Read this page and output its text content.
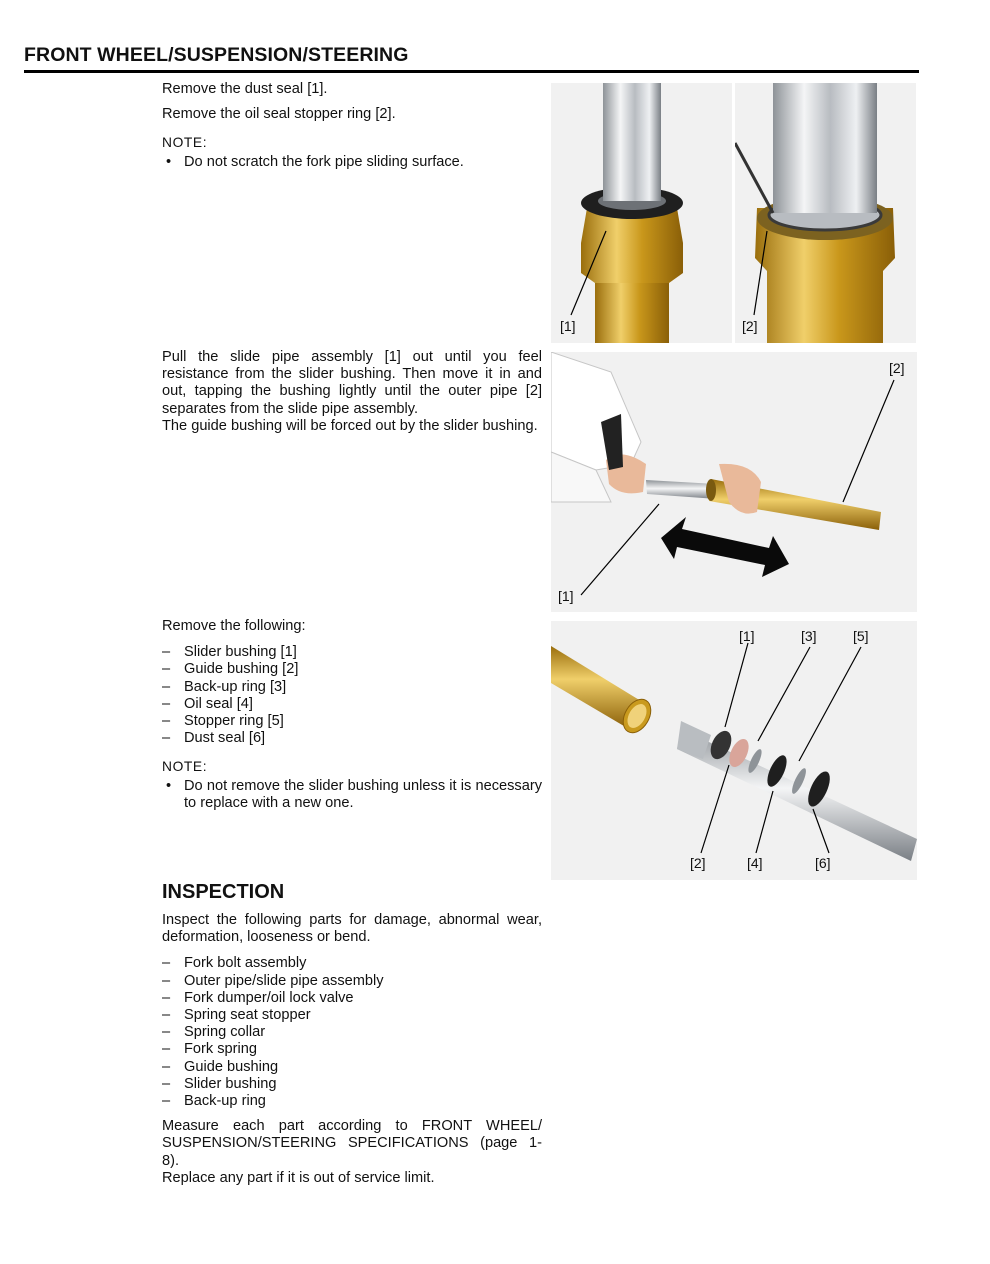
FRONT WHEEL/SUSPENSION/STEERING

Remove the dust seal [1].

Remove the oil seal stopper ring [2].

NOTE:

• Do not scratch the fork pipe sliding surface.

[1]	[2]

Pull the slide pipe assembly [1] out until you feel resistance from the slider bushing. Then move it in and out, tapping the bushing lightly until the outer pipe [2] separates from the slide pipe assembly.

The guide bushing will be forced out by the slider bushing.

[1]
[2]

Remove the following:

– Slider bushing [1]

– Guide bushing [2]

– Back-up ring [3]

– Oil seal [4]

– Stopper ring [5]

– Dust seal [6]

NOTE:

• Do not remove the slider bushing unless it is necessary to replace with a new one.

[1]	[3]	[5]
[2]	[4]	[6]
INSPECTION

Inspect the following parts for damage, abnormal wear, deformation, looseness or bend.

– Fork bolt assembly

– Outer pipe/slide pipe assembly

– Fork dumper/oil lock valve

– Spring seat stopper

– Spring collar

– Fork spring

– Guide bushing

– Slider bushing

– Back-up ring

Measure each part according to FRONT WHEEL/

SUSPENSION/STEERING SPECIFICATIONS (page 1-

8).

Replace any part if it is out of service limit.
